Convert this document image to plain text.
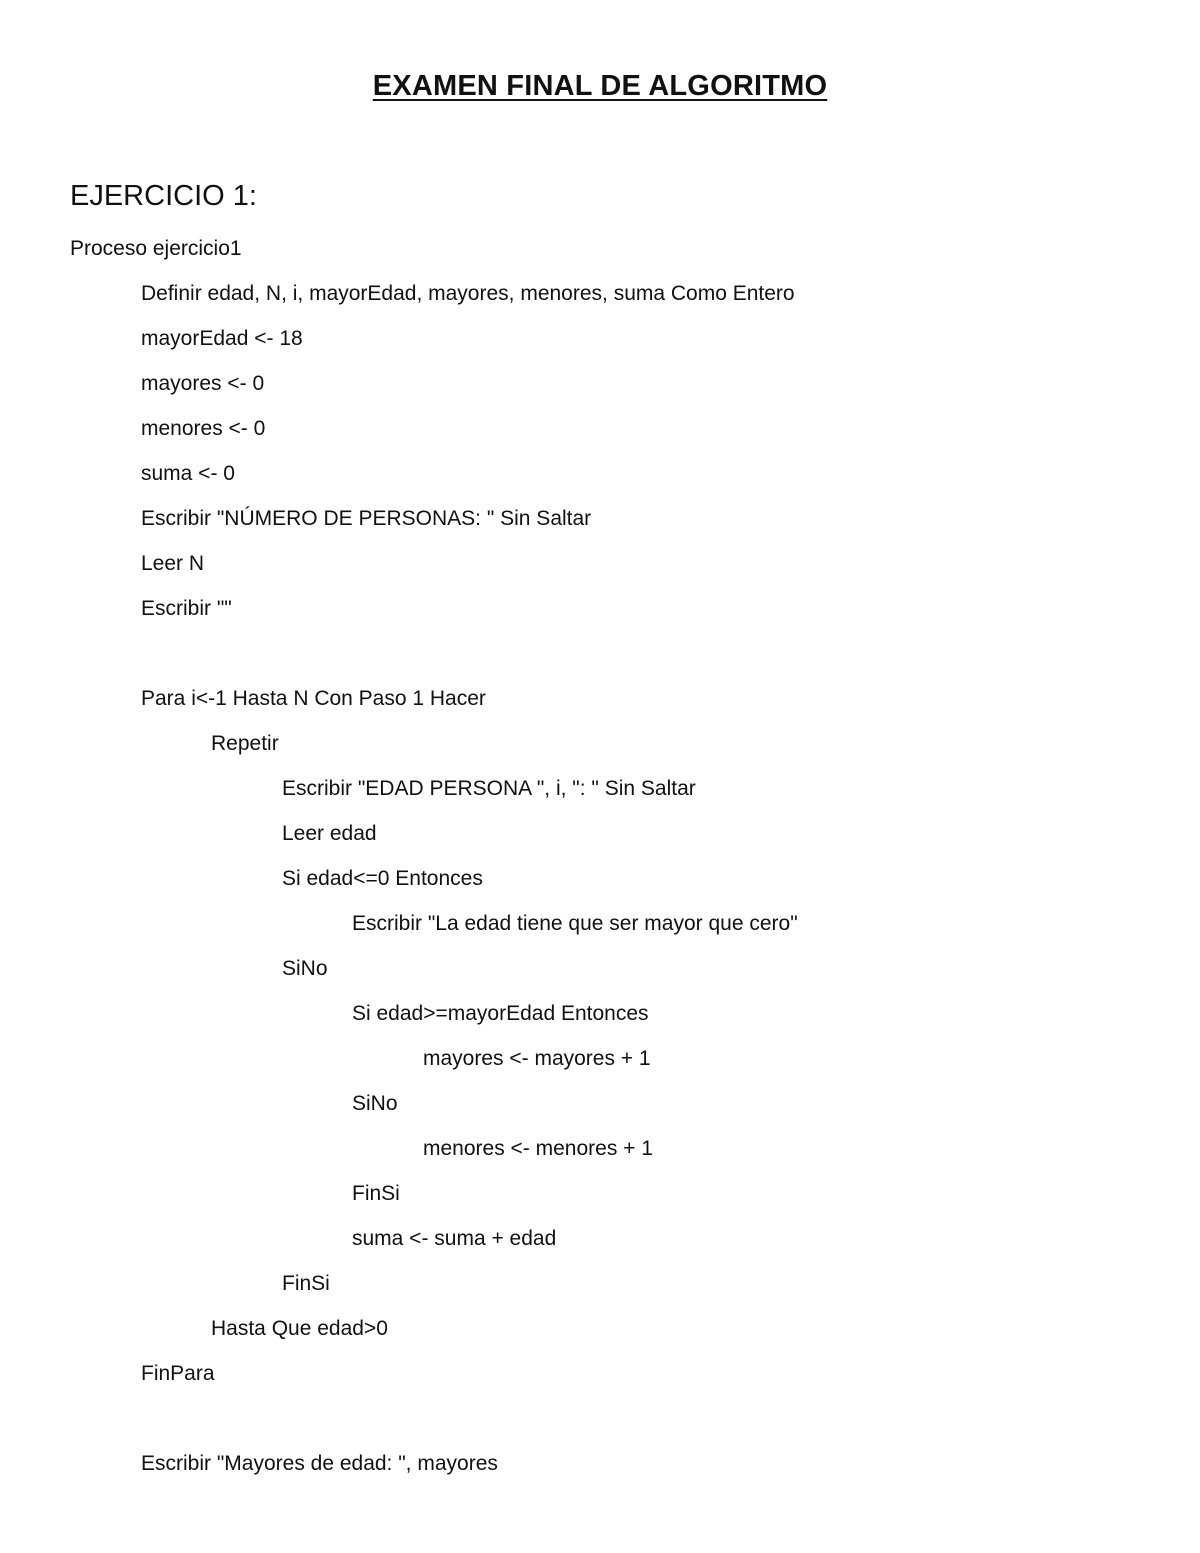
EXAMEN FINAL DE ALGORITMO
EJERCICIO 1:
Proceso ejercicio1
Definir edad, N, i, mayorEdad, mayores, menores, suma Como Entero
mayorEdad <- 18
mayores <- 0
menores <- 0
suma <- 0
Escribir "NÚMERO DE PERSONAS: " Sin Saltar
Leer N
Escribir ""
Para i<-1 Hasta N Con Paso 1 Hacer
Repetir
Escribir "EDAD PERSONA ", i, ": " Sin Saltar
Leer edad
Si edad<=0 Entonces
Escribir "La edad tiene que ser mayor que cero"
SiNo
Si edad>=mayorEdad Entonces
mayores <- mayores + 1
SiNo
menores <- menores + 1
FinSi
suma <- suma + edad
FinSi
Hasta Que edad>0
FinPara
Escribir "Mayores de edad: ", mayores
